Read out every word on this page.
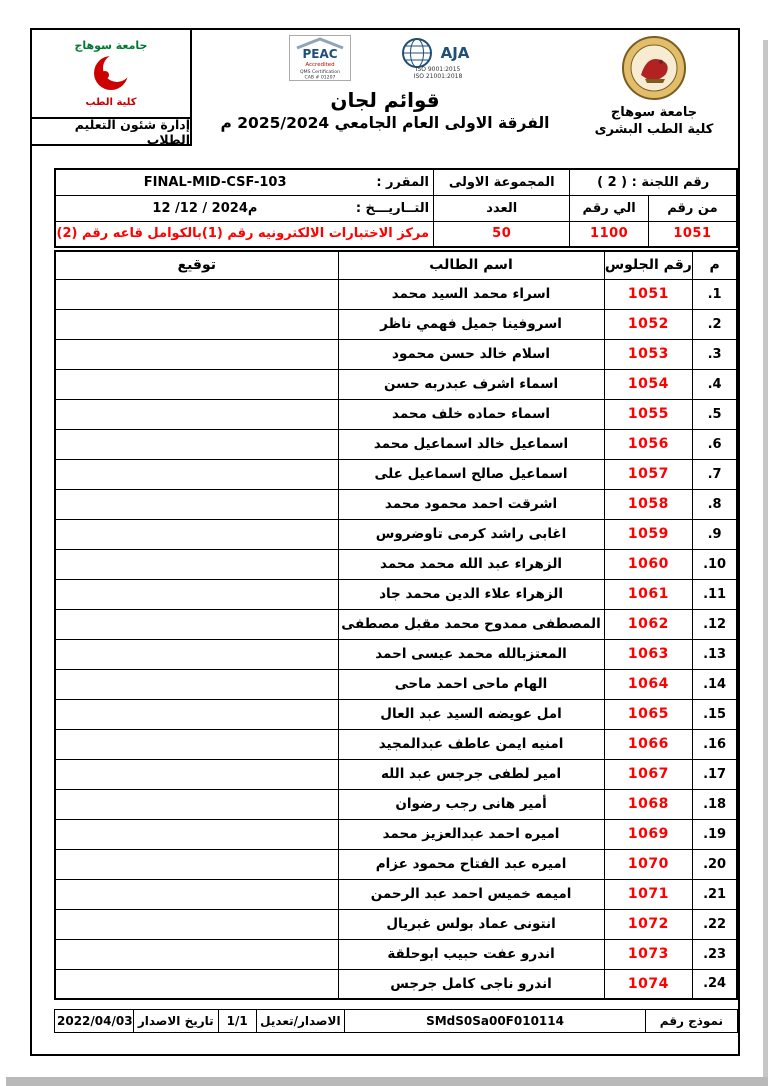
جامعة سوهاج
كلية الطب
إدارة شئون التعليم الطلاب
PEAC
Accredited
QMS Certification
CAB # 01207
AJA
ISO 9001:2015
ISO 21001:2018
قوائم لجان
الفرقة الاولى العام الجامعي 2025/2024 م
جامعة سوهاج
كلية الطب البشرى
رقم اللجنة : ( 2 )		المجموعة الاولى	المقرر :
FINAL-MID-CSF-103

من رقم	الي رقم	العدد	التــاريـــخ :
12 /12 / 2024م

1051	1100	50	مركز الاختبارات الالكترونيه رقم (1)بالكوامل قاعه رقم (2)
م	رقم الجلوس	اسم الطالب	توقيع
1.	1051	اسراء محمد السيد محمد	
2.	1052	اسروفينا جميل فهمي ناظر	
3.	1053	اسلام خالد حسن محمود	
4.	1054	اسماء اشرف عبدربه حسن	
5.	1055	اسماء حماده خلف محمد	
6.	1056	اسماعيل خالد اسماعيل محمد	
7.	1057	اسماعيل صالح اسماعيل على	
8.	1058	اشرقت احمد محمود محمد	
9.	1059	اغابى راشد كرمى تاوضروس	
10.	1060	الزهراء عبد الله محمد محمد	
11.	1061	الزهراء علاء الدين محمد جاد	
12.	1062	المصطفى ممدوح محمد مقبل مصطفى	
13.	1063	المعتزبالله محمد عيسى احمد	
14.	1064	الهام ماحى احمد ماحى	
15.	1065	امل عويضه السيد عبد العال	
16.	1066	امنيه ايمن عاطف عبدالمجيد	
17.	1067	امير لطفى جرجس عبد الله	
18.	1068	أمير هانى رجب رضوان	
19.	1069	اميره احمد عبدالعزيز محمد	
20.	1070	اميره عبد الفتاح محمود عزام	
21.	1071	اميمه خميس احمد عبد الرحمن	
22.	1072	انتونى عماد بولس غبريال	
23.	1073	اندرو عفت حبيب ابوحلقة	
24.	1074	اندرو ناجى كامل جرجس	
نموذج رقم	SMdS0Sa00F010114	الاصدار/تعديل	1/1	تاريخ الاصدار	2022/04/03
